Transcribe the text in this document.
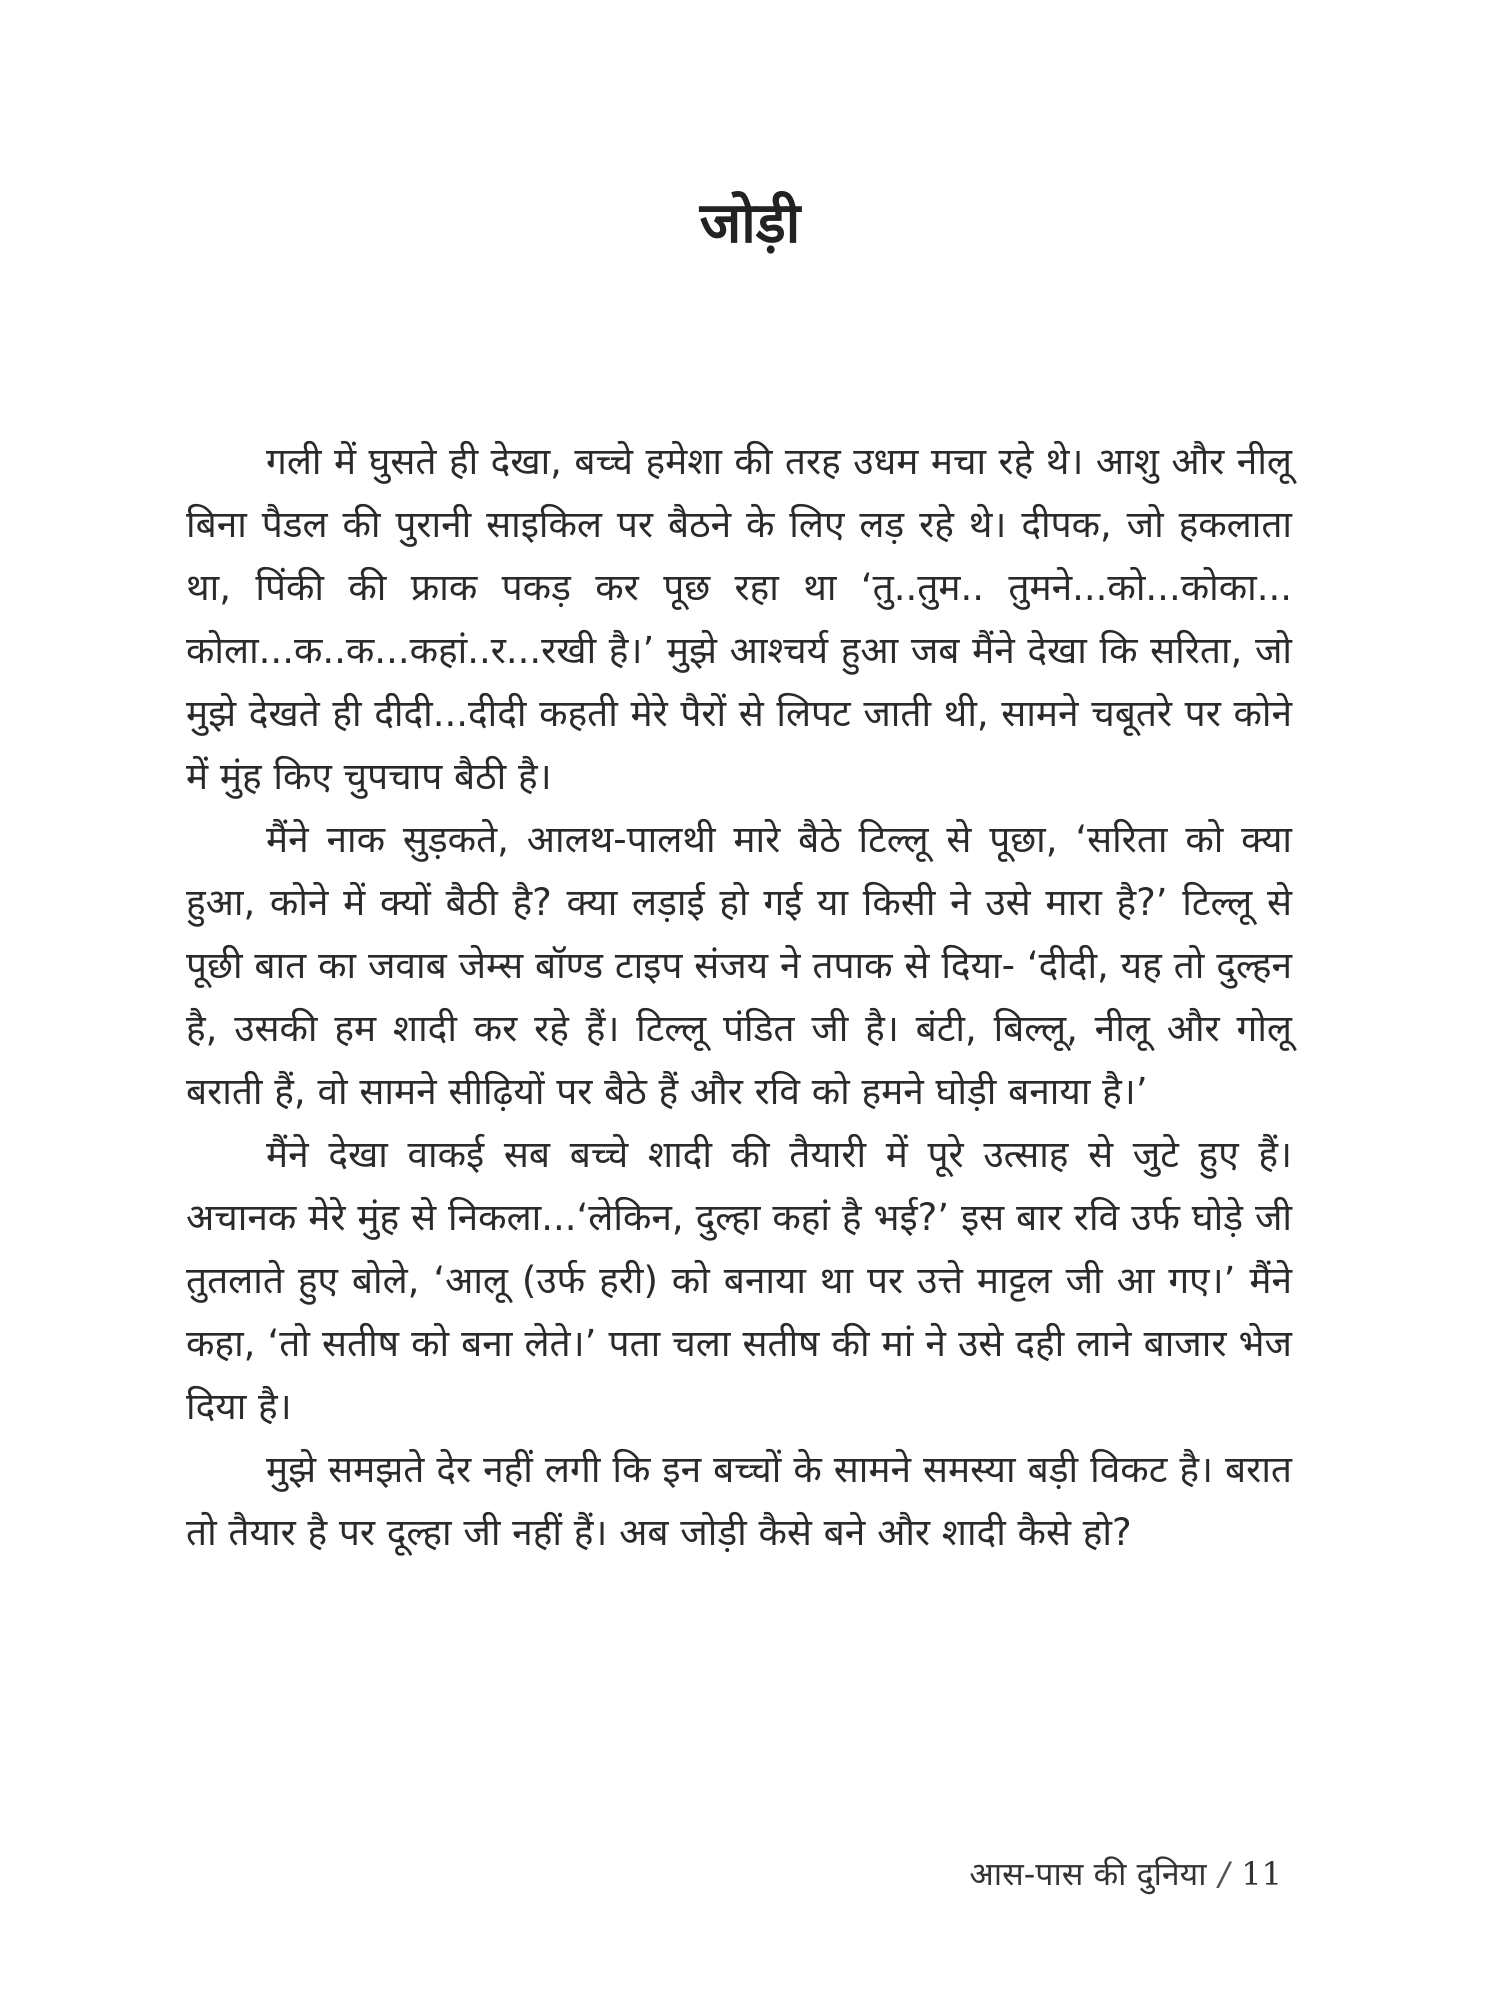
जोड़ी

गली में घुसते ही देखा, बच्चे हमेशा की तरह उधम मचा रहे थे। आशु और नीलू बिना पैडल की पुरानी साइकिल पर बैठने के लिए लड़ रहे थे। दीपक, जो हकलाता था, पिंकी की फ्राक पकड़ कर पूछ रहा था ‘तु..तुम.. तुमने...को...कोका... कोला...क..क...कहां..र...रखी है।’ मुझे आश्चर्य हुआ जब मैंने देखा कि सरिता, जो मुझे देखते ही दीदी...दीदी कहती मेरे पैरों से लिपट जाती थी, सामने चबूतरे पर कोने में मुंह किए चुपचाप बैठी है।

मैंने नाक सुड़कते, आलथ-पालथी मारे बैठे टिल्लू से पूछा, ‘सरिता को क्या हुआ, कोने में क्यों बैठी है? क्या लड़ाई हो गई या किसी ने उसे मारा है?’ टिल्लू से पूछी बात का जवाब जेम्स बॉण्ड टाइप संजय ने तपाक से दिया- ‘दीदी, यह तो दुल्हन है, उसकी हम शादी कर रहे हैं। टिल्लू पंडित जी है। बंटी, बिल्लू, नीलू और गोलू बराती हैं, वो सामने सीढ़ियों पर बैठे हैं और रवि को हमने घोड़ी बनाया है।’

मैंने देखा वाकई सब बच्चे शादी की तैयारी में पूरे उत्साह से जुटे हुए हैं। अचानक मेरे मुंह से निकला...‘लेकिन, दुल्हा कहां है भई?’ इस बार रवि उर्फ घोड़े जी तुतलाते हुए बोले, ‘आलू (उर्फ हरी) को बनाया था पर उत्ते माट्टल जी आ गए।’ मैंने कहा, ‘तो सतीष को बना लेते।’ पता चला सतीष की मां ने उसे दही लाने बाजार भेज दिया है।

मुझे समझते देर नहीं लगी कि इन बच्चों के सामने समस्या बड़ी विकट है। बरात तो तैयार है पर दूल्हा जी नहीं हैं। अब जोड़ी कैसे बने और शादी कैसे हो?

आस-पास की दुनिया / 11
